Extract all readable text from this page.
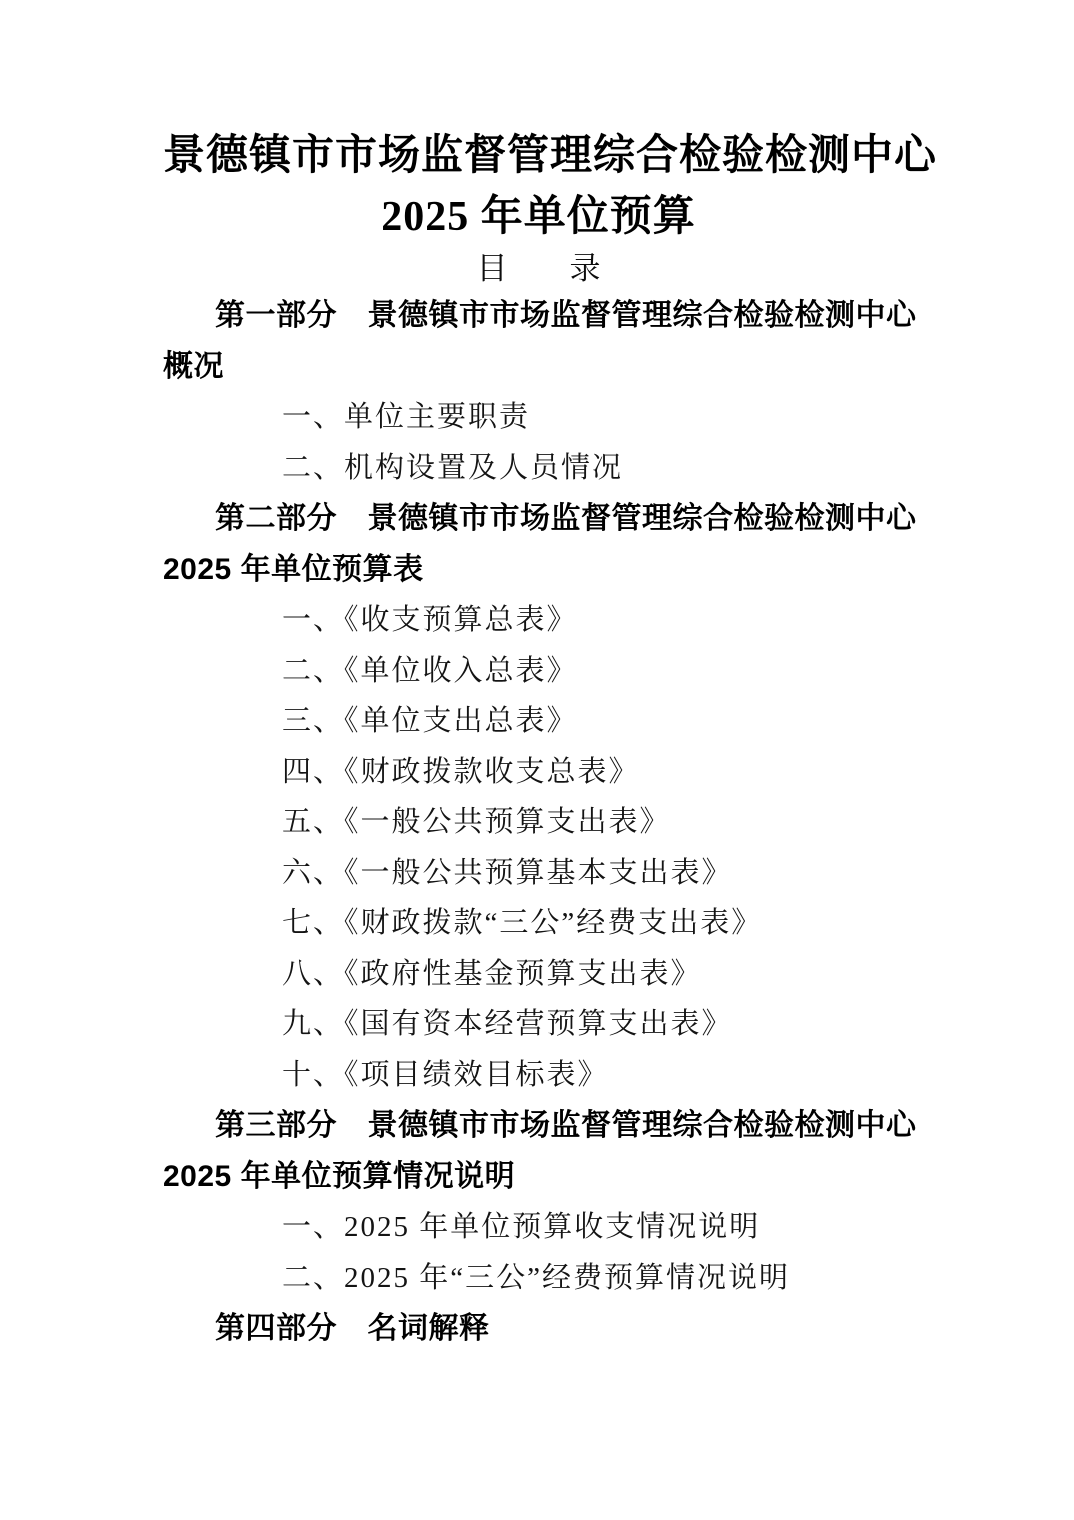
景德镇市市场监督管理综合检验检测中心
2025 年单位预算
目　　录
第一部分　景德镇市市场监督管理综合检验检测中心
概况
一、单位主要职责
二、机构设置及人员情况
第二部分　景德镇市市场监督管理综合检验检测中心
2025 年单位预算表
一、《收支预算总表》
二、《单位收入总表》
三、《单位支出总表》
四、《财政拨款收支总表》
五、《一般公共预算支出表》
六、《一般公共预算基本支出表》
七、《财政拨款“三公”经费支出表》
八、《政府性基金预算支出表》
九、《国有资本经营预算支出表》
十、《项目绩效目标表》
第三部分　景德镇市市场监督管理综合检验检测中心
2025 年单位预算情况说明
一、2025 年单位预算收支情况说明
二、2025 年“三公”经费预算情况说明
第四部分　名词解释
